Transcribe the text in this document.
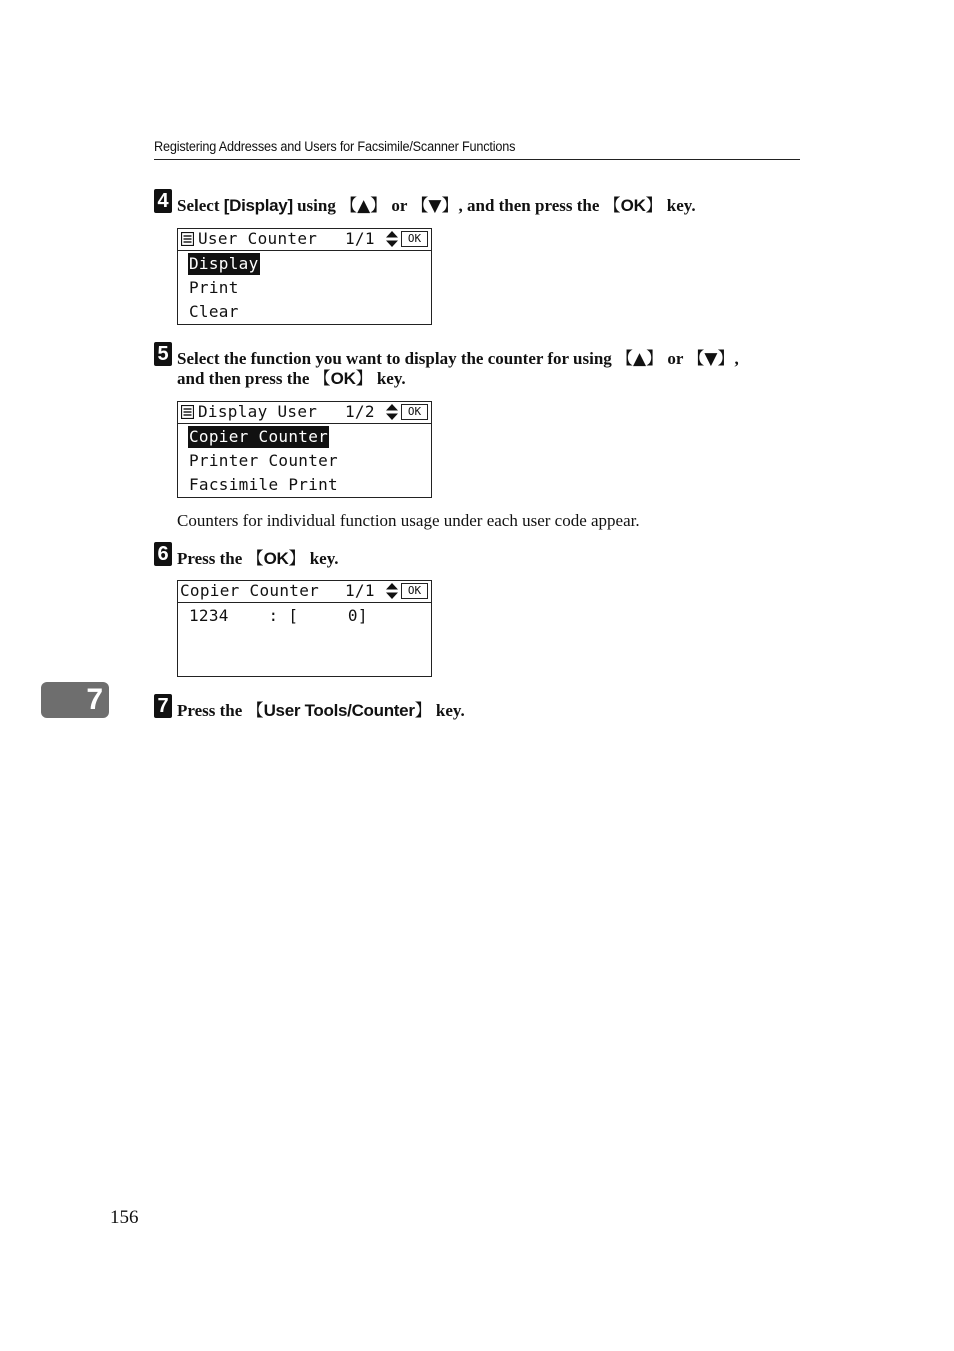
Registering Addresses and Users for Facsimile/Scanner Functions
4 Select [Display] using 【▲】 or 【▼】, and then press the 【OK】 key.
User Counter 1/1	OK
Display
Print
Clear
5 Select the function you want to display the counter for using 【▲】 or 【▼】,
and then press the 【OK】 key.
Display User 1/2	OK
Copier Counter
Printer Counter
Facsimile Print
Counters for individual function usage under each user code appear.
6 Press the 【OK】 key.
Copier Counter 1/1	OK
1234    : [     0]
7	7 Press the 【User Tools/Counter】 key.
156
